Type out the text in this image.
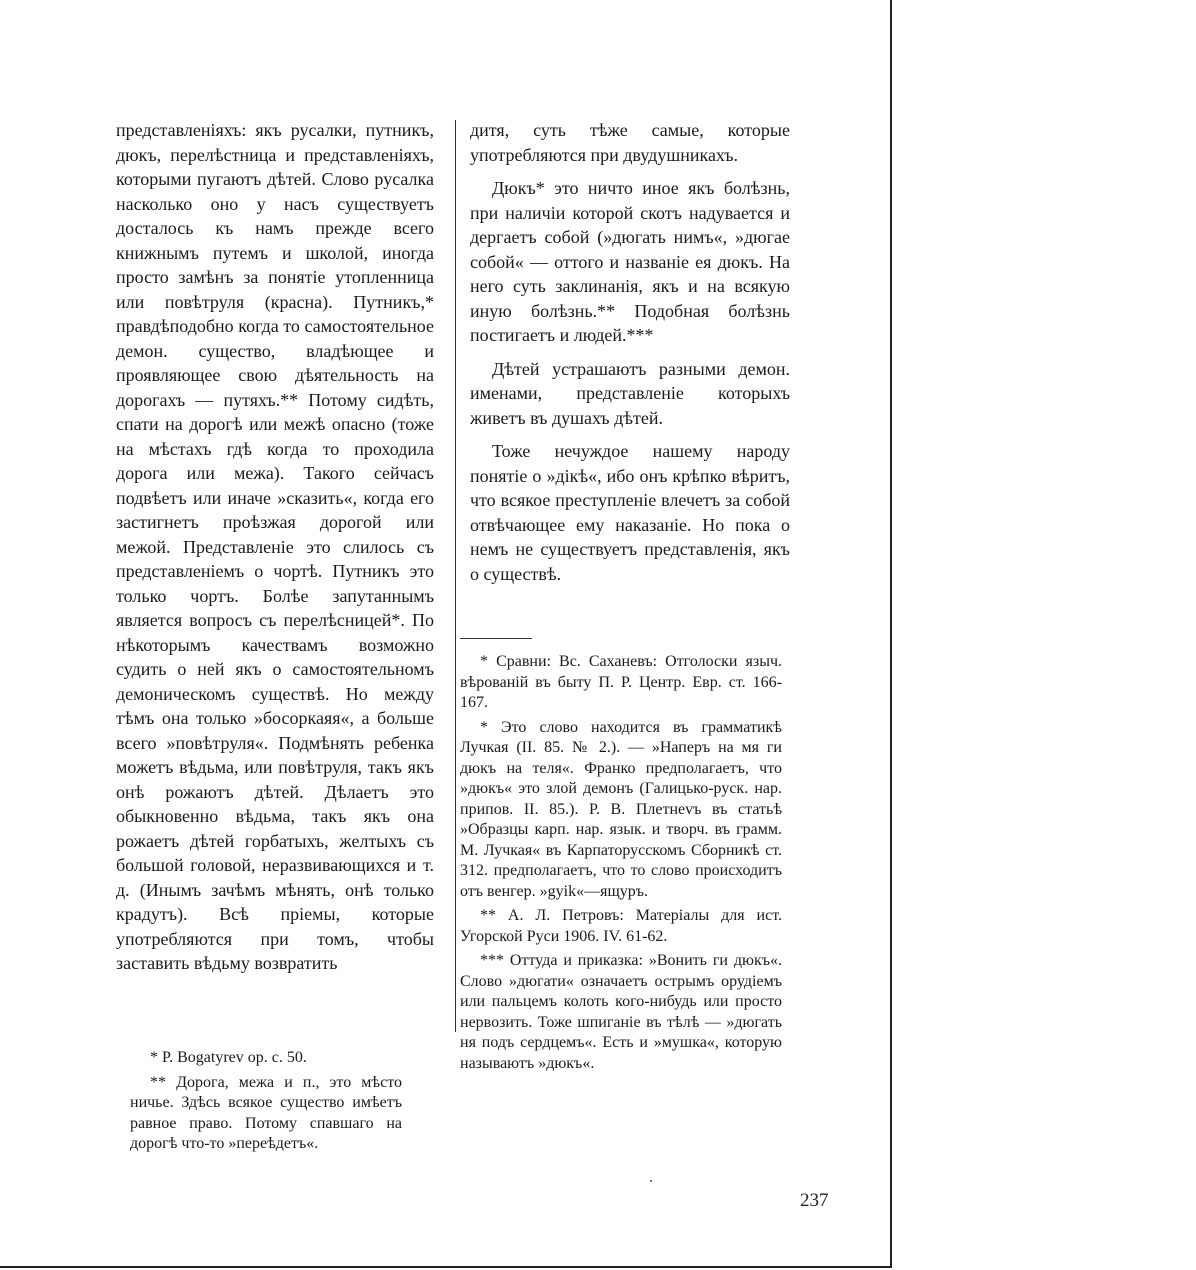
представленіяхъ: якъ русалки, путникъ, дюкъ, перелѣстница и представленіяхъ, которыми пугаютъ дѣтей. Слово русалка насколько оно у насъ существуетъ досталось къ намъ прежде всего книжнымъ путемъ и школой, иногда просто замѣнъ за понятіе утопленница или повѣтруля (красна). Путникъ,* правдѣподобно когда то самостоятельное демон. существо, владѣющее и проявляющее свою дѣятельность на дорогахъ — путяхъ.** Потому сидѣть, спати на дорогѣ или межѣ опасно (тоже на мѣстахъ гдѣ когда то проходила дорога или межа). Такого сейчасъ подвѣетъ или иначе »сказить«, когда его застигнетъ проѣзжая дорогой или межой. Представленіе это слилось съ представленіемъ о чортѣ. Путникъ это только чортъ. Болѣе запутаннымъ является вопросъ съ перелѣсницей*. По нѣкоторымъ качествамъ возможно судить о ней якъ о самостоятельномъ демоническомъ существѣ. Но между тѣмъ она только »босоркаяя«, а больше всего »повѣтруля«. Подмѣнять ребенка можетъ вѣдьма, или повѣтруля, такъ якъ онѣ рожаютъ дѣтей. Дѣлаетъ это обыкновенно вѣдьма, такъ якъ она рожаетъ дѣтей горбатыхъ, желтыхъ съ большой головой, неразвивающихся и т. д. (Инымъ зачѣмъ мѣнять, онѣ только крадутъ). Всѣ пріемы, которые употребляются при томъ, чтобы заставить вѣдьму возвратить

дитя, суть тѣже самые, которые употребляются при двудушникахъ.

Дюкъ* это ничто иное якъ болѣзнь, при наличіи которой скотъ надувается и дергаетъ собой (»дюгать нимъ«, »дюгае собой« — оттого и названіе ея дюкъ. На него суть заклинанія, якъ и на всякую иную болѣзнь.** Подобная болѣзнь постигаетъ и людей.***

Дѣтей устрашаютъ разными демон. именами, представленіе которыхъ живетъ въ душахъ дѣтей.

Тоже нечуждое нашему народу понятіе о »дікѣ«, ибо онъ крѣпко вѣритъ, что всякое преступленіе влечетъ за собой отвѣчающее ему наказаніе. Но пока о немъ не существуетъ представленія, якъ о существѣ.

* Сравни: Вс. Саханевъ: Отголоски языч. вѣрованій въ быту П. Р. Центр. Евр. ст. 166-167.

* Это слово находится въ грамматикѣ Лучкая (II. 85. № 2.). — »Наперъ на мя ги дюкъ на теля«. Франко предполагаетъ, что »дюкъ« это злой демонъ (Галицько-руск. нар. припов. II. 85.). Р. В. Плетнevъ въ статьѣ »Образцы карп. нар. язык. и творч. въ грамм. М. Лучкая« въ Карпаторусскомъ Сборникѣ ст. 312. предполагаетъ, что то слово происходитъ отъ венгер. »gyik«—ящуръ.

** А. Л. Петровъ: Матеріалы для ист. Угорской Руси 1906. IV. 61-62.

*** Оттуда и приказка: »Вонить ги дюкъ«. Слово »дюгати« означаетъ острымъ орудіемъ или пальцемъ колоть кого-нибудь или просто нервозить. Тоже шпиганіе въ тѣлѣ — »дюгать ня подъ сердцемъ«. Есть и »мушка«, которую называютъ »дюкъ«.

* P. Bogatyrev op. c. 50.

** Дорога, межа и п., это мѣсто ничье. Здѣсь всякое существо имѣетъ равное право. Потому спавшаго на дорогѣ что-то »переѣдетъ«.

237
